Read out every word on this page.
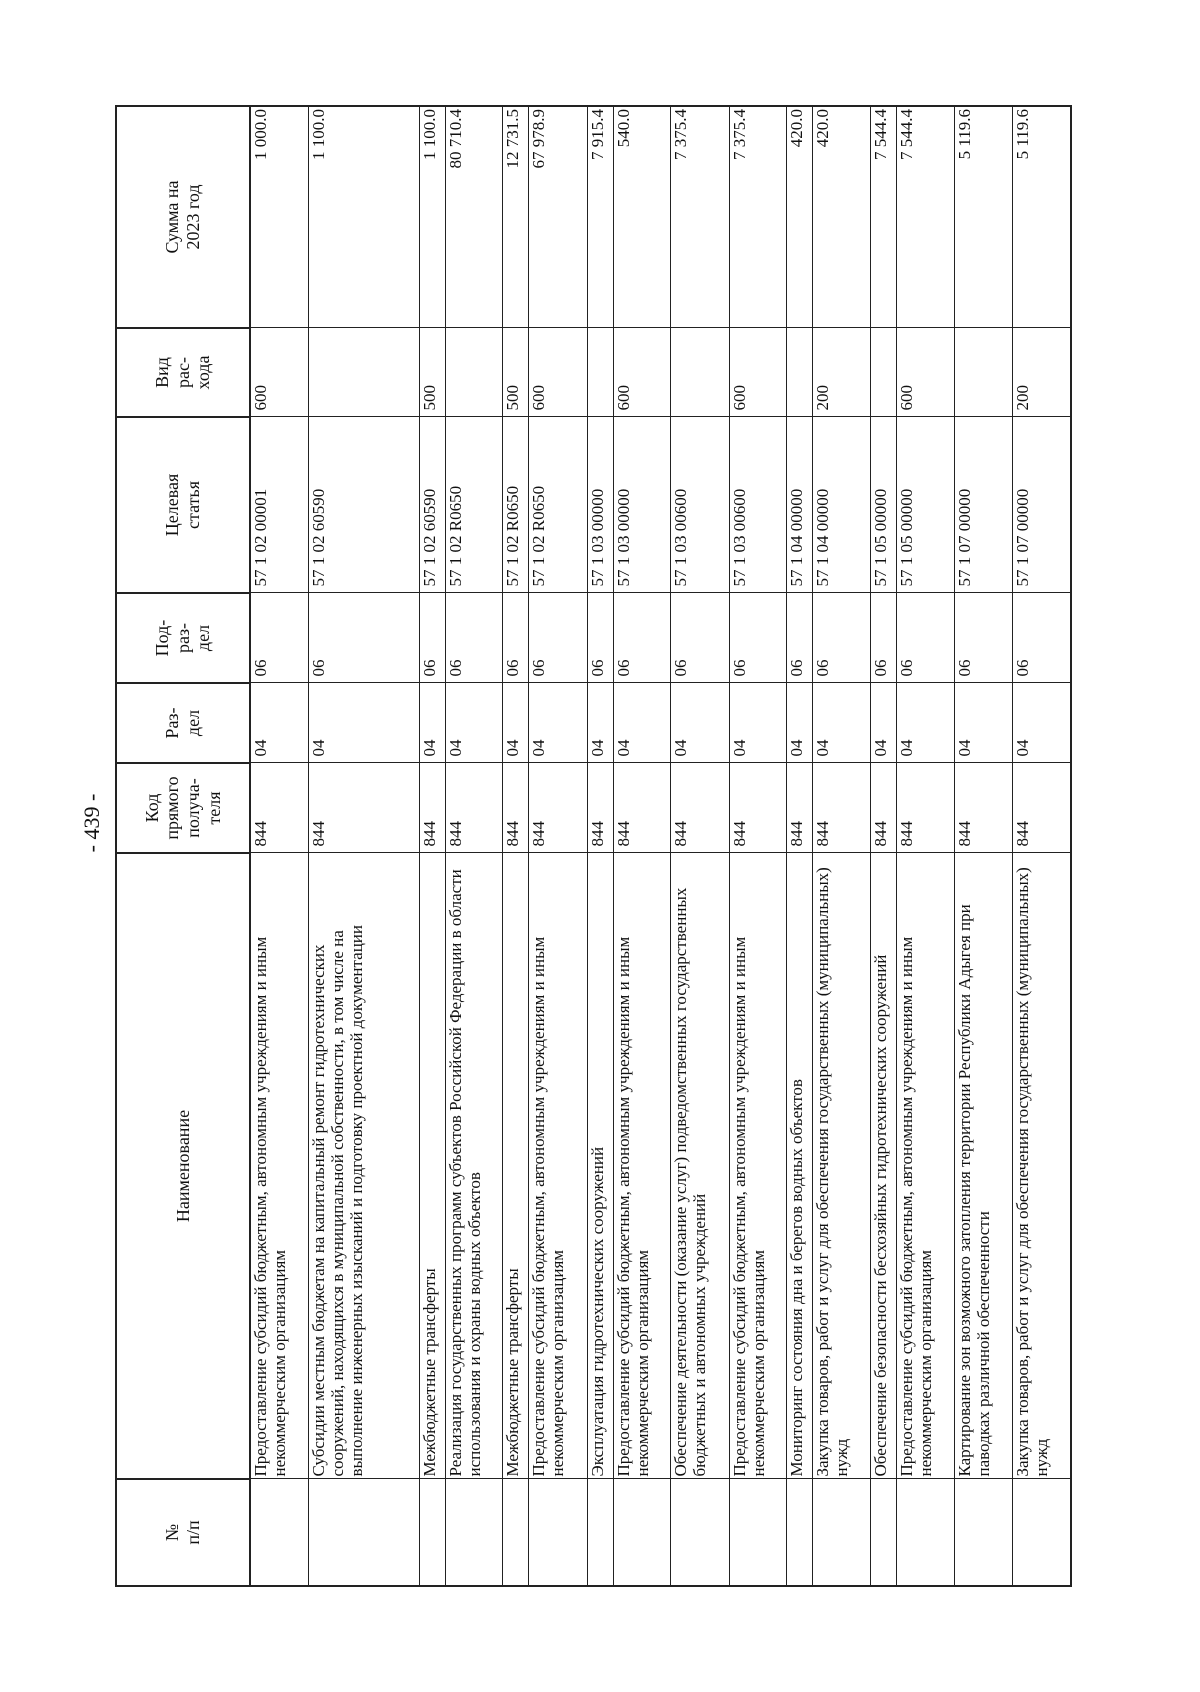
- 439 -
№ п/п	Наименование	Код прямого получа- теля	Раз- дел	Под- раз- дел	Целевая статья	Вид рас- хода	Сумма на 2023 год

	Предоставление субсидий бюджетным, автономным учреждениям и иным некоммерческим организациям	844	04	06	57 1 02 00001	600	1 000.0
	Субсидии местным бюджетам на капитальный ремонт гидротехнических сооружений, находящихся в муниципальной собственности, в том числе на выполнение инженерных изысканий и подготовку проектной документации	844	04	06	57 1 02 60590		1 100.0
	Межбюджетные трансферты	844	04	06	57 1 02 60590	500	1 100.0
	Реализация государственных программ субъектов Российской Федерации в области использования и охраны водных объектов	844	04	06	57 1 02 R0650		80 710.4
	Межбюджетные трансферты	844	04	06	57 1 02 R0650	500	12 731.5
	Предоставление субсидий бюджетным, автономным учреждениям и иным некоммерческим организациям	844	04	06	57 1 02 R0650	600	67 978.9
	Эксплуатация гидротехнических сооружений	844	04	06	57 1 03 00000		7 915.4
	Предоставление субсидий бюджетным, автономным учреждениям и иным некоммерческим организациям	844	04	06	57 1 03 00000	600	540.0
	Обеспечение деятельности (оказание услуг) подведомственных государственных бюджетных и автономных учреждений	844	04	06	57 1 03 00600		7 375.4
	Предоставление субсидий бюджетным, автономным учреждениям и иным некоммерческим организациям	844	04	06	57 1 03 00600	600	7 375.4
	Мониторинг состояния дна и берегов водных объектов	844	04	06	57 1 04 00000		420.0
	Закупка товаров, работ и услуг для обеспечения государственных (муниципальных) нужд	844	04	06	57 1 04 00000	200	420.0
	Обеспечение безопасности бесхозяйных гидротехнических сооружений	844	04	06	57 1 05 00000		7 544.4
	Предоставление субсидий бюджетным, автономным учреждениям и иным некоммерческим организациям	844	04	06	57 1 05 00000	600	7 544.4
	Картирование зон возможного затопления территории Республики Адыгея при паводках различной обеспеченности	844	04	06	57 1 07 00000		5 119.6
	Закупка товаров, работ и услуг для обеспечения государственных (муниципальных) нужд	844	04	06	57 1 07 00000	200	5 119.6
